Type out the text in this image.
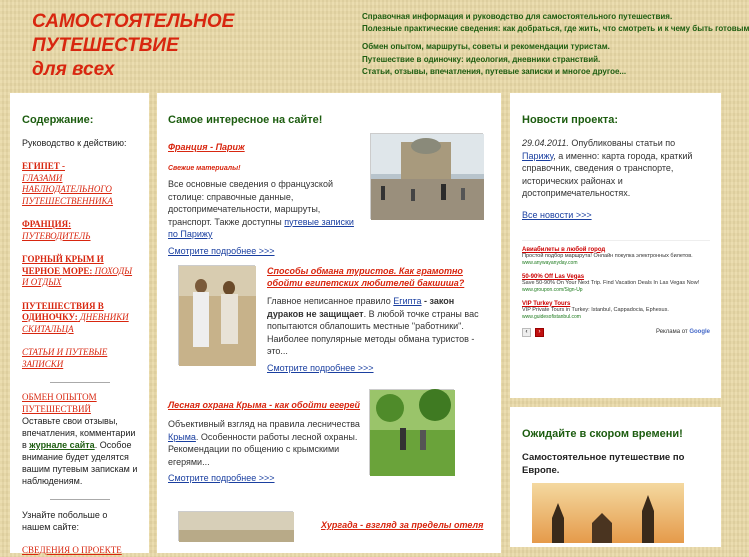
САМОСТОЯТЕЛЬНОЕ
ПУТЕШЕСТВИЕ
для всех
Справочная информация и руководство для самостоятельного путешествия.
Полезные практические сведения: как добраться, где жить, что смотреть и к чему быть готовым
Обмен опытом, маршруты, советы и рекомендации туристам.
Путешествие в одиночку: идеология, дневники странствий.
Статьи, отзывы, впечатления, путевые записки и многое другое...
Содержание:
Руководство к действию:
ЕГИПЕТ -
ГЛАЗАМИ НАБЛЮДАТЕЛЬНОГО ПУТЕШЕСТВЕННИКА
ФРАНЦИЯ: ПУТЕВОДИТЕЛЬ
ГОРНЫЙ КРЫМ И ЧЕРНОЕ МОРЕ: ПОХОДЫ И ОТДЫХ
ПУТЕШЕСТВИЯ В ОДИНОЧКУ: ДНЕВНИКИ СКИТАЛЬЦА
СТАТЬИ И ПУТЕВЫЕ ЗАПИСКИ
ОБМЕН ОПЫТОМ ПУТЕШЕСТВИЙ
Оставьте свои отзывы, впечатления, комментарии в журнале сайта. Особое внимание будет уделятся вашим путевым запискам и наблюдениям.
Узнайте побольше о нашем сайте:
СВЕДЕНИЯ О ПРОЕКТЕ
Самое интересное на сайте!
Франция - Париж
Свежие материалы!
Все основные сведения о французской столице: справочные данные, достопримечательности, маршруты, транспорт. Также доступны путевые записки по Парижу
Смотрите подробнее >>>
Способы обмана туристов. Как грамотно обойти египетских любителей бакшиша?
Главное неписанное правило Египта - закон дураков не защищает. В любой точке страны вас попытаются облапошить местные "работники". Наиболее популярные методы обмана туристов - это...
Смотрите подробнее >>>
Лесная охрана Крыма - как обойти егерей
Объективный взгляд на правила лесничества Крыма. Особенности работы лесной охраны. Рекомендации по общению с крымскими егерями...
Смотрите подробнее >>>
Хургада - взгляд за пределы отеля
Новости проекта:
29.04.2011. Опубликованы статьи по Парижу, а именно: карта города, краткий справочник, сведения о транспорте, исторических районах и достопримечательностях.
Все новости >>>
Авиабилеты в любой город
Простой подбор маршрута! Онлайн покупка электронных билетов.
www.anywayanyday.com
50-90% Off Las Vegas
Save 50-90% On Your Next Trip. Find Vacation Deals In Las Vegas Now!
www.groupon.com/Sign-Up
VIP Turkey Tours
VIP Private Tours in Turkey: Istanbul, Cappadocia, Ephesus.
www.guidesofistanbul.com
‹	›	Реклама от Google
Ожидайте в скором времени!
Самостоятельное путешествие по Европе.
